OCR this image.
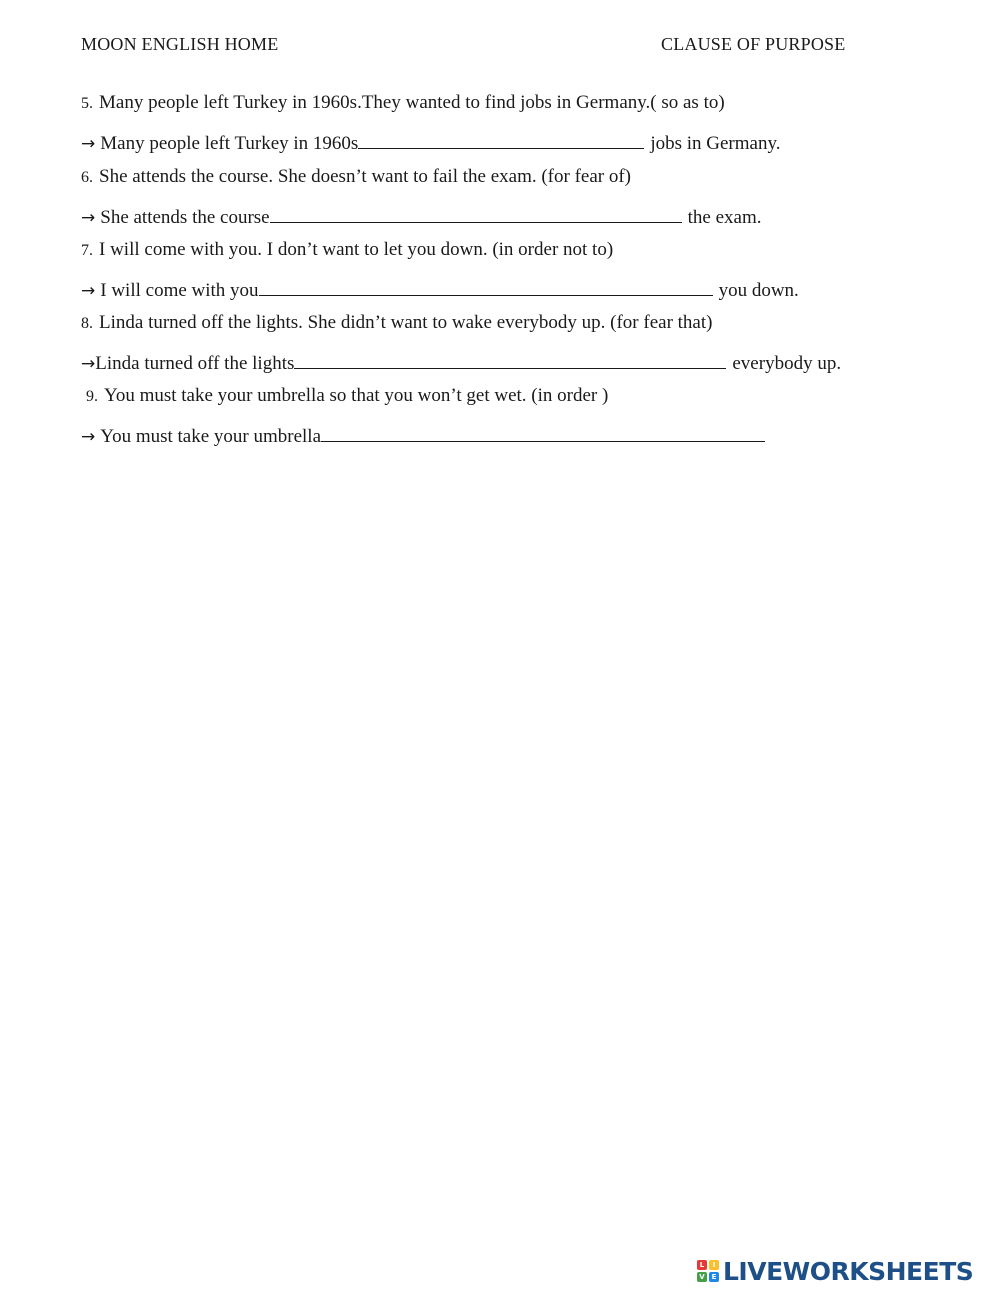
MOON ENGLISH HOME	CLAUSE OF PURPOSE
5. Many people left Turkey in 1960s.They wanted to find jobs in Germany.( so as to)
→ Many people left Turkey in 1960s	jobs in Germany.
6. She attends the course. She doesn’t want to fail the exam. (for fear of)
→ She attends the course	the exam.
7. I will come with you. I don’t want to let you down. (in order not to)
→ I will come with you	you down.
8. Linda turned off the lights. She didn’t want to wake everybody up. (for fear that)
→Linda turned off the lights	everybody up.
9. You must take your umbrella so that you won’t get wet. (in order )
→ You must take your umbrella
L	I
V E LIVEWORKSHEETS
